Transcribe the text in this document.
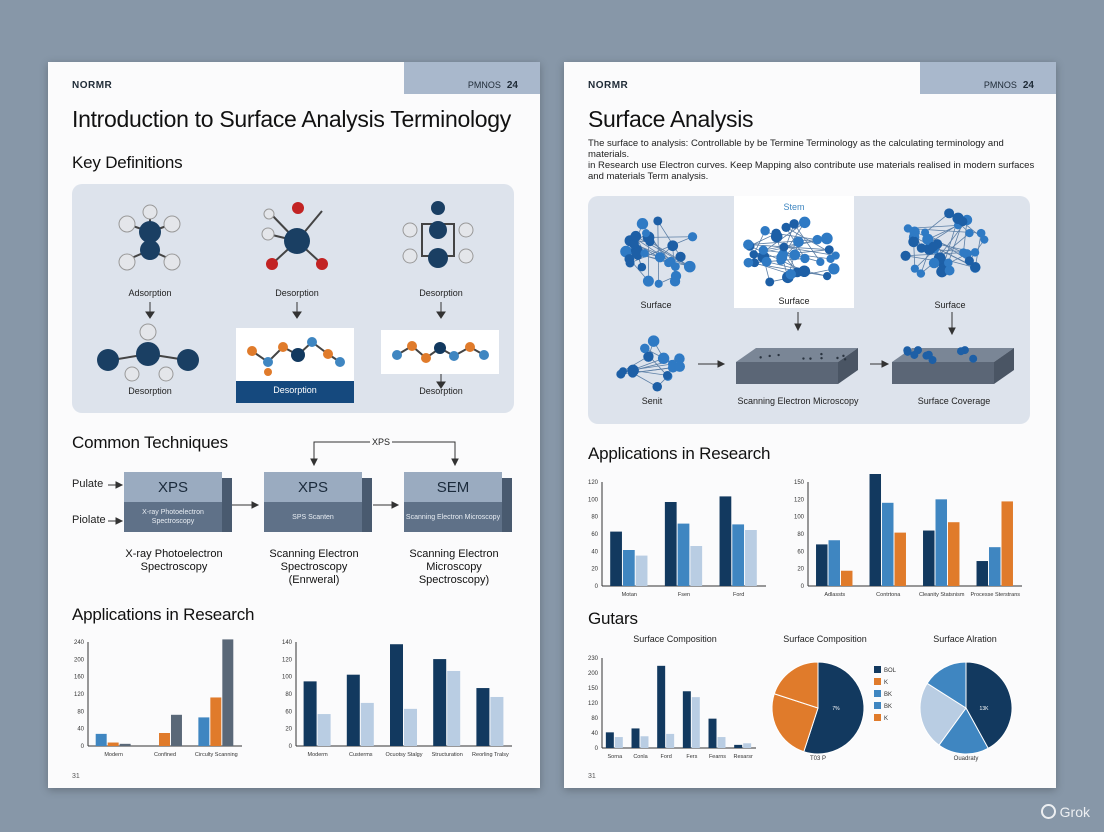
NORMR	PMNOS 24
Introduction to Surface Analysis Terminology
Key Definitions
Adsorption	Desorption	Desorption
Desorption	Desorption	Desorption
Common Techniques
Pulate
Piolate
XPS
XPS
X-ray Photoelectron Spectroscopy
XPS
SPS Scanten
SEM
Scanning Electron Microscopy
X-ray Photoelectron Spectroscopy
Scanning Electron Spectroscopy (Enrweral)
Scanning Electron Microscopy Spectroscopy)
Applications in Research
0
40
80
120
160
200
240
Modern	Confined	Circulty Scanning
0
20
60
80
100
120
140
Moderm	Custerms Ocuotsy Stalgy Structuration Reorling Tralsy
31
NORMR	PMNOS 24
Surface Analysis
The surface to analysis: Controllable by be Termine Terminology as the calculating terminology and materials.
in Research use Electron curves. Keep Mapping also contribute use materials realised in modern surfaces
and materials Term analysis.
Stem
Surface	Surface	Surface
Senit	Scanning Electron Microscopy	Surface Coverage
Applications in Research
0
20
40
60
80
100
120
Motan	Fsen	Ford
0
20
60
80
100
120
150
Adlassts	Contrtona	Cleanity Statsnism Processe Sterstrans
Gutars
Surface Composition	Surface Composition	Surface Alration
0
40
80
120
150
200
230
Sorna Conla Ford	Fers Fearns Resarsr
7%
BOL
K
BK
BK
K
T03 P
13K
Ouadraty
31
Grok
